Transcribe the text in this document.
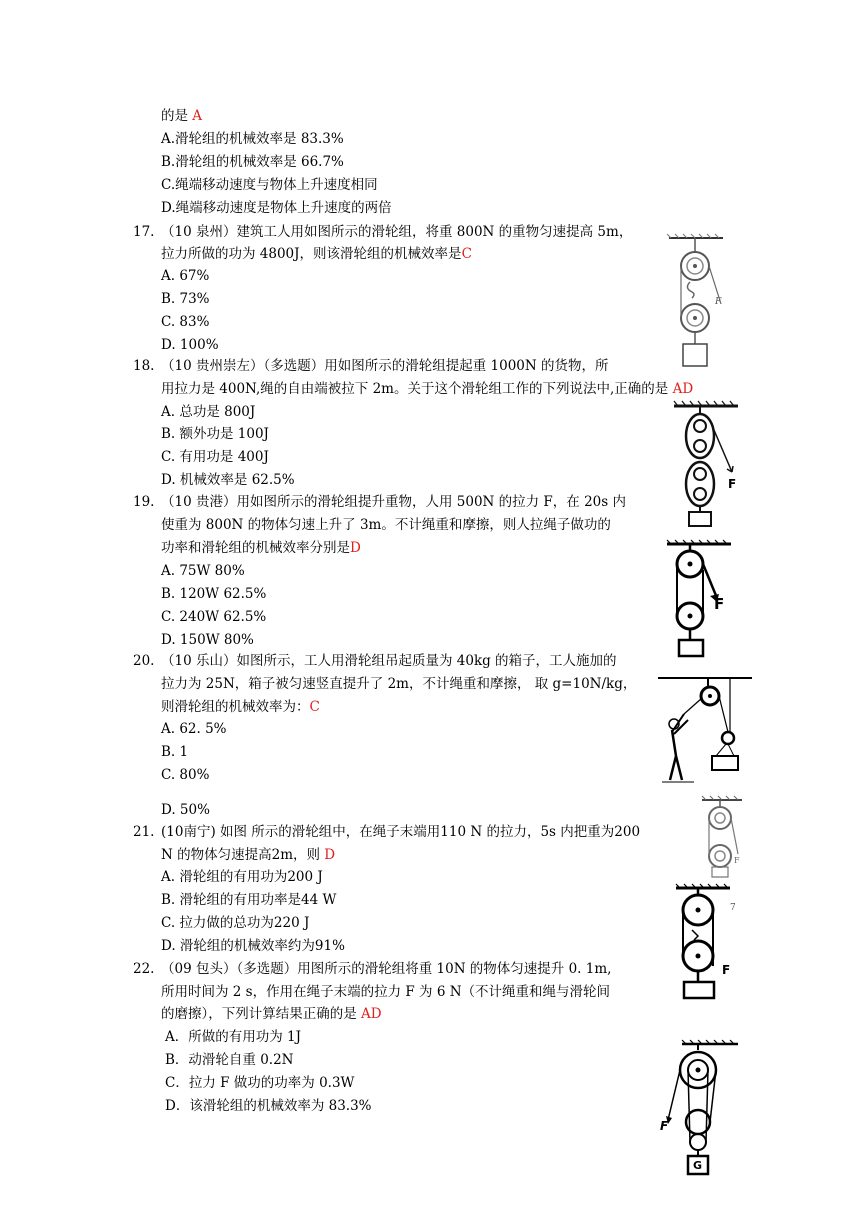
的是 A
A.滑轮组的机械效率是 83.3%
B.滑轮组的机械效率是 66.7%
C.绳端移动速度与物体上升速度相同
D.绳端移动速度是物体上升速度的两倍
17. （10 泉州）建筑工人用如图所示的滑轮组，将重 800N 的重物匀速提高 5m，
拉力所做的功为 4800J，则该滑轮组的机械效率是C
A. 67%
B. 73%
C. 83%
D. 100%
F
18. （10 贵州崇左）（多选题）用如图所示的滑轮组提起重 1000N 的货物，所
用拉力是 400N,绳的自由端被拉下 2m。关于这个滑轮组工作的下列说法中,正确的是 AD
A. 总功是 800J
B. 额外功是 100J
C. 有用功是 400J
D. 机械效率是 62.5%	F
19. （10 贵港）用如图所示的滑轮组提升重物，人用 500N 的拉力 F，在 20s 内
使重为 800N 的物体匀速上升了 3m。不计绳重和摩擦，则人拉绳子做功的
功率和滑轮组的机械效率分别是D
A. 75W 80%
B. 120W 62.5%
C. 240W 62.5%
D. 150W 80%
F
20. （10 乐山）如图所示，工人用滑轮组吊起质量为 40kg 的箱子，工人施加的
拉力为 25N，箱子被匀速竖直提升了 2m，不计绳重和摩擦， 取 g=10N/kg，
则滑轮组的机械效率为：C
A. 62. 5%
B. 1
C. 80%
D. 50%
21. (10南宁) 如图 所示的滑轮组中，在绳子末端用110 N 的拉力，5s 内把重为200
N 的物体匀速提高2m，则 D
A. 滑轮组的有用功为200 J
B. 滑轮组的有用功率是44 W
C. 拉力做的总功为220 J
D. 滑轮组的机械效率约为91%
F
F
7
22. （09 包头）（多选题）用图所示的滑轮组将重 10N 的物体匀速提升 0. 1m,
所用时间为 2 s，作用在绳子末端的拉力 F 为 6 N（不计绳重和绳与滑轮间
的磨擦），下列计算结果正确的是 AD
A．所做的有用功为 1J
B．动滑轮自重 0.2N
C．拉力 F 做功的功率为 0.3W
D．该滑轮组的机械效率为 83.3%
F
G
